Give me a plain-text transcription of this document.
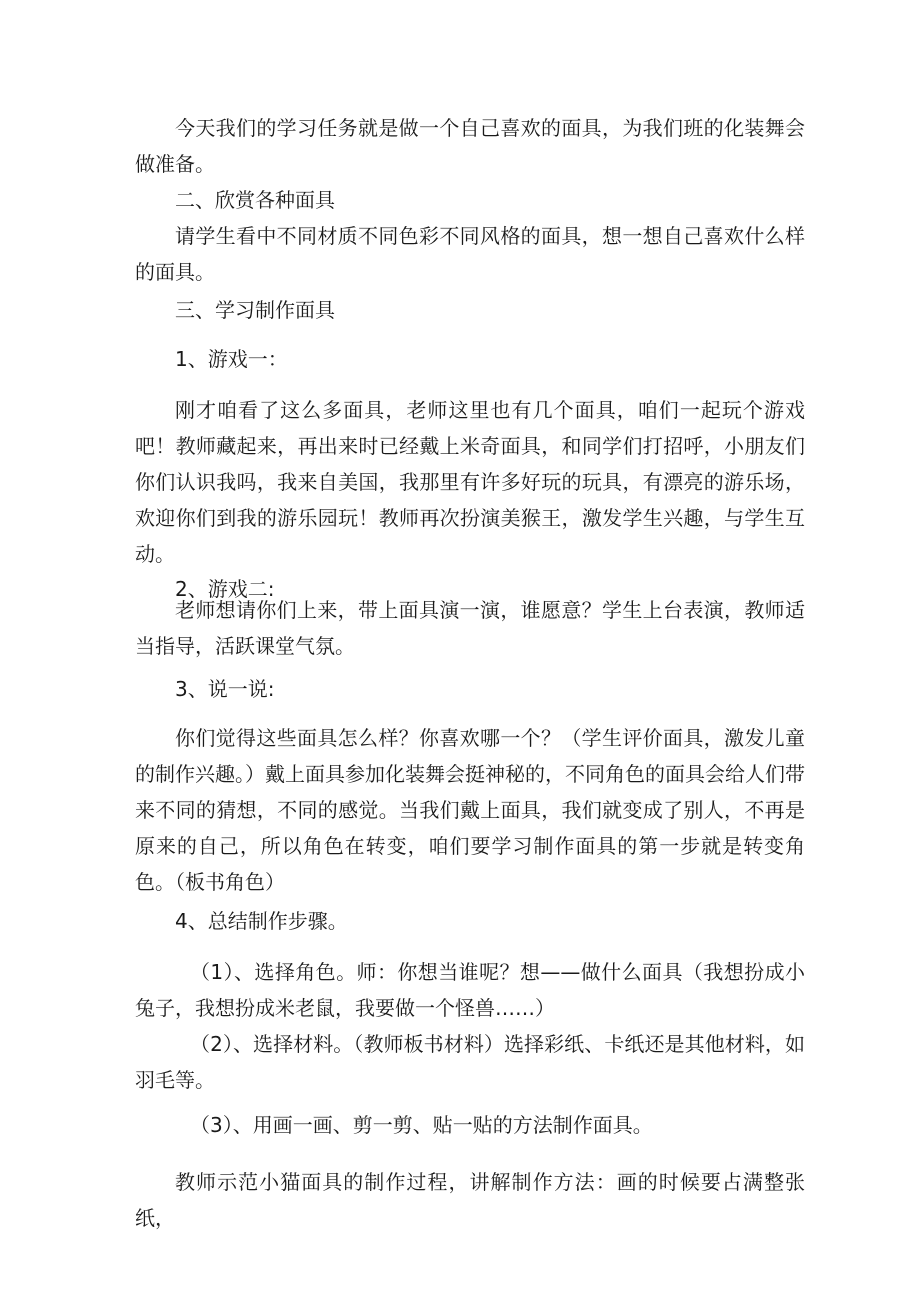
今天我们的学习任务就是做一个自己喜欢的面具，为我们班的化装舞会做准备。

二、欣赏各种面具

请学生看中不同材质不同色彩不同风格的面具，想一想自己喜欢什么样的面具。

三、学习制作面具

1、游戏一：

刚才咱看了这么多面具，老师这里也有几个面具，咱们一起玩个游戏吧！教师藏起来，再出来时已经戴上米奇面具，和同学们打招呼，小朋友们你们认识我吗，我来自美国，我那里有许多好玩的玩具，有漂亮的游乐场，欢迎你们到我的游乐园玩！教师再次扮演美猴王，激发学生兴趣，与学生互动。

2、游戏二:

老师想请你们上来，带上面具演一演，谁愿意？学生上台表演，教师适当指导，活跃课堂气氛。

3、说一说:

你们觉得这些面具怎么样？你喜欢哪一个？（学生评价面具，激发儿童的制作兴趣。）戴上面具参加化装舞会挺神秘的，不同角色的面具会给人们带来不同的猜想，不同的感觉。当我们戴上面具，我们就变成了别人，不再是原来的自己，所以角色在转变，咱们要学习制作面具的第一步就是转变角色。（板书角色）

4、总结制作步骤。

（1）、选择角色。师：你想当谁呢？想——做什么面具（我想扮成小兔子，我想扮成米老鼠，我要做一个怪兽……）

（2）、选择材料。（教师板书材料）选择彩纸、卡纸还是其他材料，如羽毛等。

（3）、用画一画、剪一剪、贴一贴的方法制作面具。

教师示范小猫面具的制作过程，讲解制作方法：画的时候要占满整张纸，
